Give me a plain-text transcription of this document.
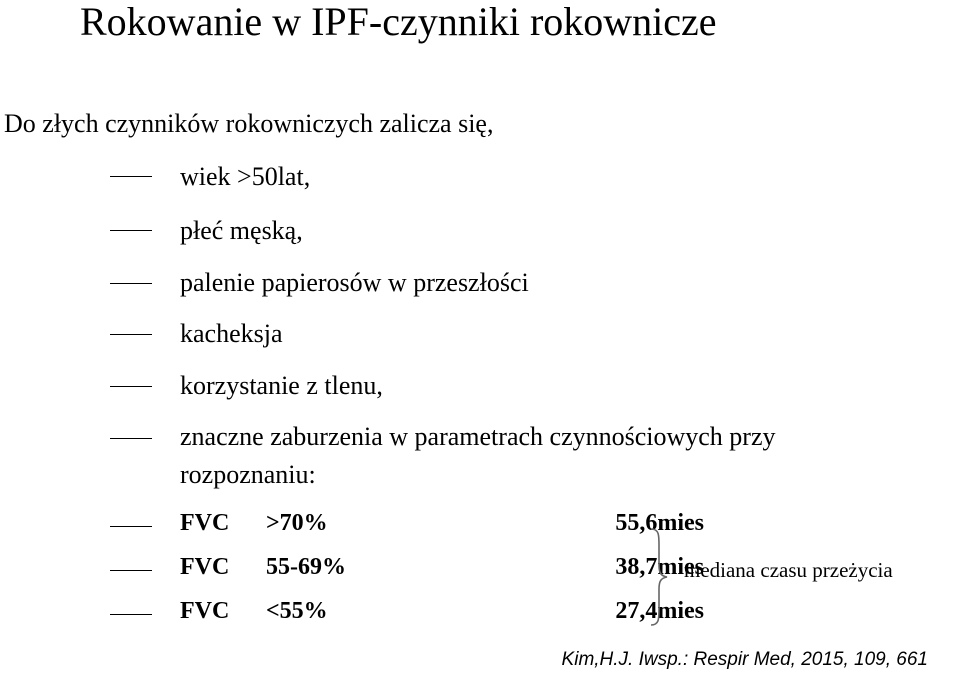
Rokowanie w IPF-czynniki rokownicze
Do złych czynników rokowniczych zalicza się,
wiek >50lat,
płeć męską,
palenie papierosów w przeszłości
kacheksja
korzystanie z tlenu,
znaczne zaburzenia w parametrach czynnościowych przy
rozpoznaniu:
FVC >70%	55,6mies
FVC 55-69%	38,7mies
FVC <55%	27,4mies
mediana czasu przeżycia
Kim,H.J. Iwsp.: Respir Med, 2015, 109, 661
